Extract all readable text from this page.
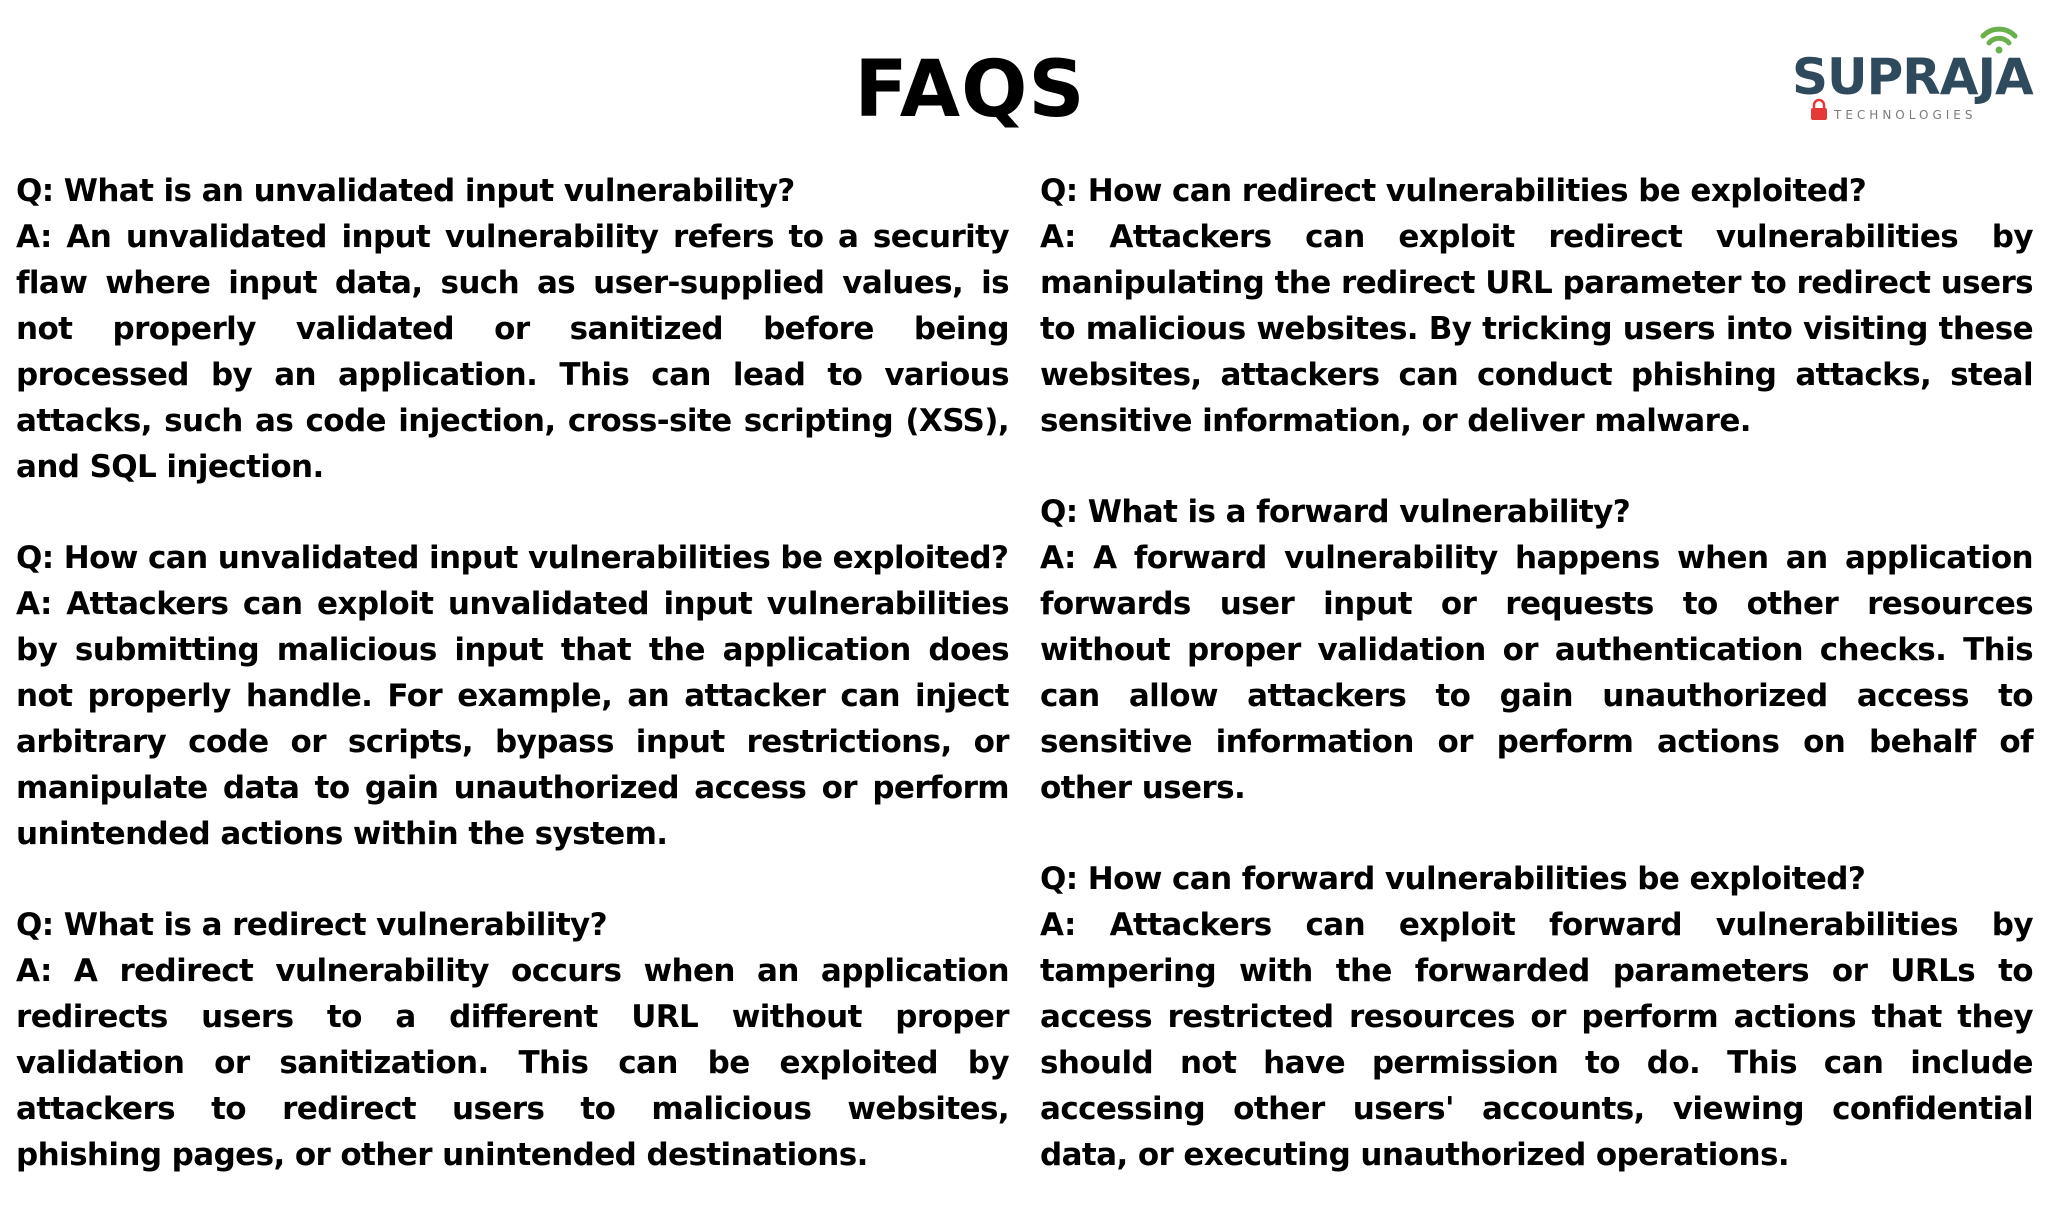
FAQS	SUPRAJA
TECHNOLOGIES

Q: What is an unvalidated input vulnerability?

A: An unvalidated input vulnerability refers to a security flaw where input data, such as user-supplied values, is not properly validated or sanitized before being processed by an application. This can lead to various attacks, such as code injection, cross-site scripting (XSS), and SQL injection.

Q: How can unvalidated input vulnerabilities be exploited?

A: Attackers can exploit unvalidated input vulnerabilities by submitting malicious input that the application does not properly handle. For example, an attacker can inject arbitrary code or scripts, bypass input restrictions, or manipulate data to gain unauthorized access or perform unintended actions within the system.

Q: What is a redirect vulnerability?

A: A redirect vulnerability occurs when an application redirects users to a different URL without proper validation or sanitization. This can be exploited by attackers to redirect users to malicious websites, phishing pages, or other unintended destinations.

Q: How can redirect vulnerabilities be exploited?

A: Attackers can exploit redirect vulnerabilities by manipulating the redirect URL parameter to redirect users to malicious websites. By tricking users into visiting these websites, attackers can conduct phishing attacks, steal sensitive information, or deliver malware.

Q: What is a forward vulnerability?

A: A forward vulnerability happens when an application forwards user input or requests to other resources without proper validation or authentication checks. This can allow attackers to gain unauthorized access to sensitive information or perform actions on behalf of other users.

Q: How can forward vulnerabilities be exploited?

A: Attackers can exploit forward vulnerabilities by tampering with the forwarded parameters or URLs to access restricted resources or perform actions that they should not have permission to do. This can include accessing other users' accounts, viewing confidential data, or executing unauthorized operations.
